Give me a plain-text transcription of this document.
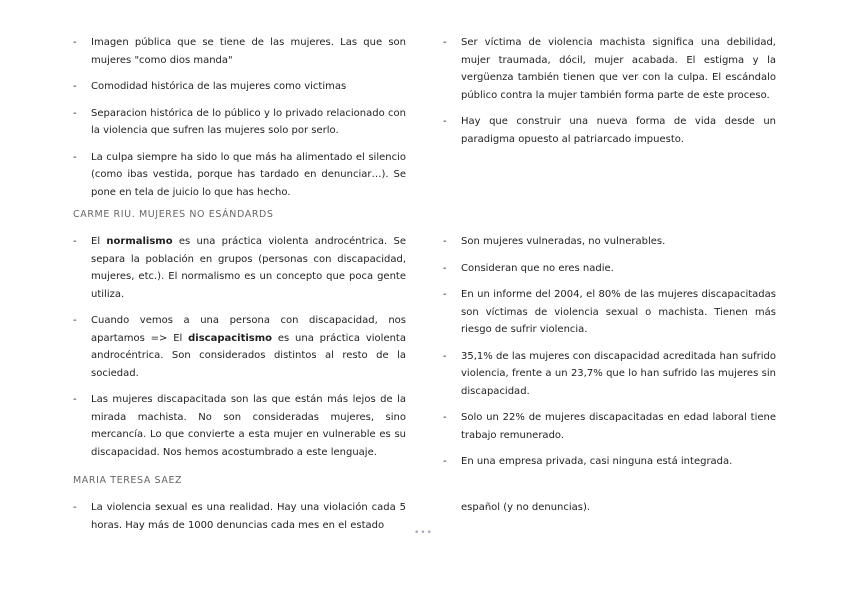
-	Imagen pública que se tiene de las mujeres. Las que son mujeres "como dios manda"
-	Comodidad histórica de las mujeres como victimas
-	Separacion histórica de lo público y lo privado relacionado con la violencia que sufren las mujeres solo por serlo.
-	La culpa siempre ha sido lo que más ha alimentado el silencio (como ibas vestida, porque has tardado en denunciar…). Se pone en tela de juicio lo que has hecho.
-	Ser víctima de violencia machista significa una debilidad, mujer traumada, dócil, mujer acabada. El estigma y la vergüenza también tienen que ver con la culpa. El escándalo público contra la mujer también forma parte de este proceso.
-	Hay que construir una nueva forma de vida desde un paradigma opuesto al patriarcado impuesto.
CARME RIU. MUJERES NO ESÁNDARDS
-	El normalismo es una práctica violenta androcéntrica. Se separa la población en grupos (personas con discapacidad, mujeres, etc.). El normalismo es un concepto que poca gente utiliza.
-	Cuando vemos a una persona con discapacidad, nos apartamos => El discapacitismo es una práctica violenta androcéntrica. Son considerados distintos al resto de la sociedad.
-	Las mujeres discapacitada son las que están más lejos de la mirada machista. No son consideradas mujeres, sino mercancía. Lo que convierte a esta mujer en vulnerable es su discapacidad. Nos hemos acostumbrado a este lenguaje.
-	Son mujeres vulneradas, no vulnerables.
-	Consideran que no eres nadie.
-	En un informe del 2004, el 80% de las mujeres discapacitadas son víctimas de violencia sexual o machista. Tienen más riesgo de sufrir violencia.
-	35,1% de las mujeres con discapacidad acreditada han sufrido violencia, frente a un 23,7% que lo han sufrido las mujeres sin discapacidad.
-	Solo un 22% de mujeres discapacitadas en edad laboral tiene trabajo remunerado.
-	En una empresa privada, casi ninguna está integrada.
MARIA TERESA SAEZ
-	La violencia sexual es una realidad. Hay una violación cada 5 horas. Hay más de 1000 denuncias cada mes en el estado
español (y no denuncias).
•••
